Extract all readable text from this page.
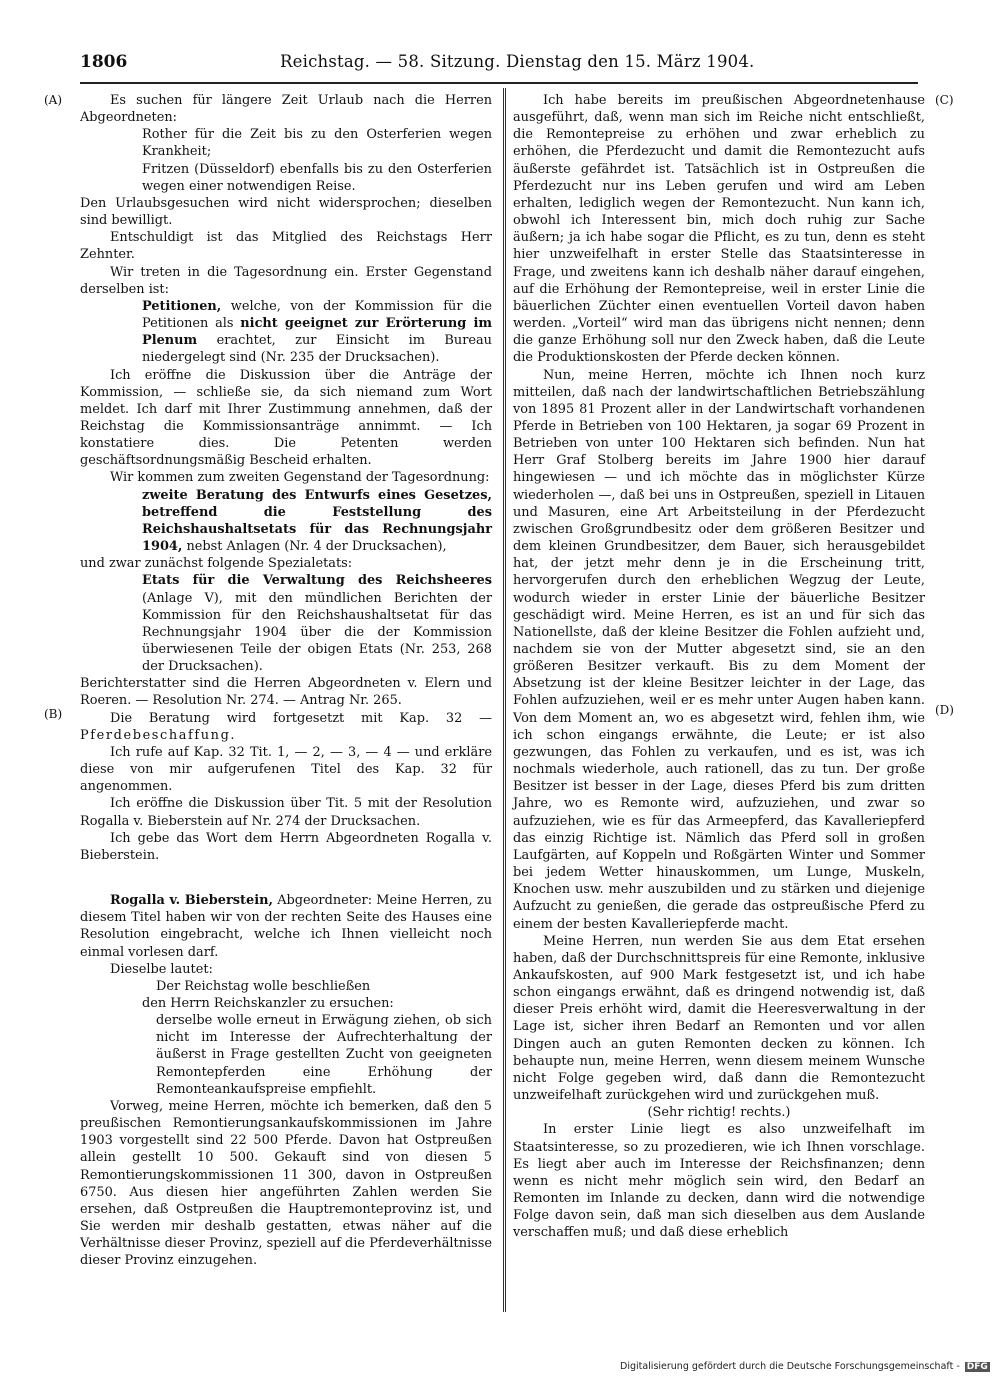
1806	Reichstag. — 58. Sitzung. Dienstag den 15. März 1904.
(A)
(B)
(C)
(D)

Es suchen für längere Zeit Urlaub nach die Herren Abgeordneten:

Rother für die Zeit bis zu den Osterferien wegen Krankheit;

Fritzen (Düsseldorf) ebenfalls bis zu den Osterferien wegen einer notwendigen Reise.

Den Urlaubsgesuchen wird nicht widersprochen; dieselben sind bewilligt.

Entschuldigt ist das Mitglied des Reichstags Herr Zehnter.

Wir treten in die Tagesordnung ein. Erster Gegenstand derselben ist:

Petitionen, welche, von der Kommission für die Petitionen als nicht geeignet zur Erörterung im Plenum erachtet, zur Einsicht im Bureau niedergelegt sind (Nr. 235 der Drucksachen).

Ich eröffne die Diskussion über die Anträge der Kommission, — schließe sie, da sich niemand zum Wort meldet. Ich darf mit Ihrer Zustimmung annehmen, daß der Reichstag die Kommissionsanträge annimmt. — Ich konstatiere dies. Die Petenten werden geschäftsordnungsmäßig Bescheid erhalten.

Wir kommen zum zweiten Gegenstand der Tagesordnung:

zweite Beratung des Entwurfs eines Gesetzes, betreffend die Feststellung des Reichshaushaltsetats für das Rechnungsjahr 1904, nebst Anlagen (Nr. 4 der Drucksachen),

und zwar zunächst folgende Spezialetats:

Etats für die Verwaltung des Reichsheeres (Anlage V), mit den mündlichen Berichten der Kommission für den Reichshaushaltsetat für das Rechnungsjahr 1904 über die der Kommission überwiesenen Teile der obigen Etats (Nr. 253, 268 der Drucksachen).

Berichterstatter sind die Herren Abgeordneten v. Elern und Roeren. — Resolution Nr. 274. — Antrag Nr. 265.

Die Beratung wird fortgesetzt mit Kap. 32 — Pferdebeschaffung.

Ich rufe auf Kap. 32 Tit. 1, — 2, — 3, — 4 — und erkläre diese von mir aufgerufenen Titel des Kap. 32 für angenommen.

Ich eröffne die Diskussion über Tit. 5 mit der Resolution Rogalla v. Bieberstein auf Nr. 274 der Drucksachen.

Ich gebe das Wort dem Herrn Abgeordneten Rogalla v. Bieberstein.

Rogalla v. Bieberstein, Abgeordneter: Meine Herren, zu diesem Titel haben wir von der rechten Seite des Hauses eine Resolution eingebracht, welche ich Ihnen vielleicht noch einmal vorlesen darf.

Dieselbe lautet:

Der Reichstag wolle beschließen

den Herrn Reichskanzler zu ersuchen:

derselbe wolle erneut in Erwägung ziehen, ob sich nicht im Interesse der Aufrechterhaltung der äußerst in Frage gestellten Zucht von geeigneten Remontepferden eine Erhöhung der Remonteankaufspreise empfiehlt.

Vorweg, meine Herren, möchte ich bemerken, daß den 5 preußischen Remontierungsankaufskommissionen im Jahre 1903 vorgestellt sind 22 500 Pferde. Davon hat Ostpreußen allein gestellt 10 500. Gekauft sind von diesen 5 Remontierungskommissionen 11 300, davon in Ostpreußen 6750. Aus diesen hier angeführten Zahlen werden Sie ersehen, daß Ostpreußen die Hauptremonteprovinz ist, und Sie werden mir deshalb gestatten, etwas näher auf die Verhältnisse dieser Provinz, speziell auf die Pferdeverhältnisse dieser Provinz einzugehen.

Ich habe bereits im preußischen Abgeordnetenhause ausgeführt, daß, wenn man sich im Reiche nicht entschließt, die Remontepreise zu erhöhen und zwar erheblich zu erhöhen, die Pferdezucht und damit die Remontezucht aufs äußerste gefährdet ist. Tatsächlich ist in Ostpreußen die Pferdezucht nur ins Leben gerufen und wird am Leben erhalten, lediglich wegen der Remontezucht. Nun kann ich, obwohl ich Interessent bin, mich doch ruhig zur Sache äußern; ja ich habe sogar die Pflicht, es zu tun, denn es steht hier unzweifelhaft in erster Stelle das Staatsinteresse in Frage, und zweitens kann ich deshalb näher darauf eingehen, auf die Erhöhung der Remontepreise, weil in erster Linie die bäuerlichen Züchter einen eventuellen Vorteil davon haben werden. „Vorteil“ wird man das übrigens nicht nennen; denn die ganze Erhöhung soll nur den Zweck haben, daß die Leute die Produktionskosten der Pferde decken können.

Nun, meine Herren, möchte ich Ihnen noch kurz mitteilen, daß nach der landwirtschaftlichen Betriebszählung von 1895 81 Prozent aller in der Landwirtschaft vorhandenen Pferde in Betrieben von 100 Hektaren, ja sogar 69 Prozent in Betrieben von unter 100 Hektaren sich befinden. Nun hat Herr Graf Stolberg bereits im Jahre 1900 hier darauf hingewiesen — und ich möchte das in möglichster Kürze wiederholen —, daß bei uns in Ostpreußen, speziell in Litauen und Masuren, eine Art Arbeitsteilung in der Pferdezucht zwischen Großgrundbesitz oder dem größeren Besitzer und dem kleinen Grundbesitzer, dem Bauer, sich herausgebildet hat, der jetzt mehr denn je in die Erscheinung tritt, hervorgerufen durch den erheblichen Wegzug der Leute, wodurch wieder in erster Linie der bäuerliche Besitzer geschädigt wird. Meine Herren, es ist an und für sich das Nationellste, daß der kleine Besitzer die Fohlen aufzieht und, nachdem sie von der Mutter abgesetzt sind, sie an den größeren Besitzer verkauft. Bis zu dem Moment der Absetzung ist der kleine Besitzer leichter in der Lage, das Fohlen aufzuziehen, weil er es mehr unter Augen haben kann. Von dem Moment an, wo es abgesetzt wird, fehlen ihm, wie ich schon eingangs erwähnte, die Leute; er ist also gezwungen, das Fohlen zu verkaufen, und es ist, was ich nochmals wiederhole, auch rationell, das zu tun. Der große Besitzer ist besser in der Lage, dieses Pferd bis zum dritten Jahre, wo es Remonte wird, aufzuziehen, und zwar so aufzuziehen, wie es für das Armeepferd, das Kavalleriepferd das einzig Richtige ist. Nämlich das Pferd soll in großen Laufgärten, auf Koppeln und Roßgärten Winter und Sommer bei jedem Wetter hinauskommen, um Lunge, Muskeln, Knochen usw. mehr auszubilden und zu stärken und diejenige Aufzucht zu genießen, die gerade das ostpreußische Pferd zu einem der besten Kavalleriepferde macht.

Meine Herren, nun werden Sie aus dem Etat ersehen haben, daß der Durchschnittspreis für eine Remonte, inklusive Ankaufskosten, auf 900 Mark festgesetzt ist, und ich habe schon eingangs erwähnt, daß es dringend notwendig ist, daß dieser Preis erhöht wird, damit die Heeresverwaltung in der Lage ist, sicher ihren Bedarf an Remonten und vor allen Dingen auch an guten Remonten decken zu können. Ich behaupte nun, meine Herren, wenn diesem meinem Wunsche nicht Folge gegeben wird, daß dann die Remontezucht unzweifelhaft zurückgehen wird und zurückgehen muß.

(Sehr richtig! rechts.)

In erster Linie liegt es also unzweifelhaft im Staatsinteresse, so zu prozedieren, wie ich Ihnen vorschlage. Es liegt aber auch im Interesse der Reichsfinanzen; denn wenn es nicht mehr möglich sein wird, den Bedarf an Remonten im Inlande zu decken, dann wird die notwendige Folge davon sein, daß man sich dieselben aus dem Auslande verschaffen muß; und daß diese erheblich

Digitalisierung gefördert durch die Deutsche Forschungsgemeinschaft - DFG
